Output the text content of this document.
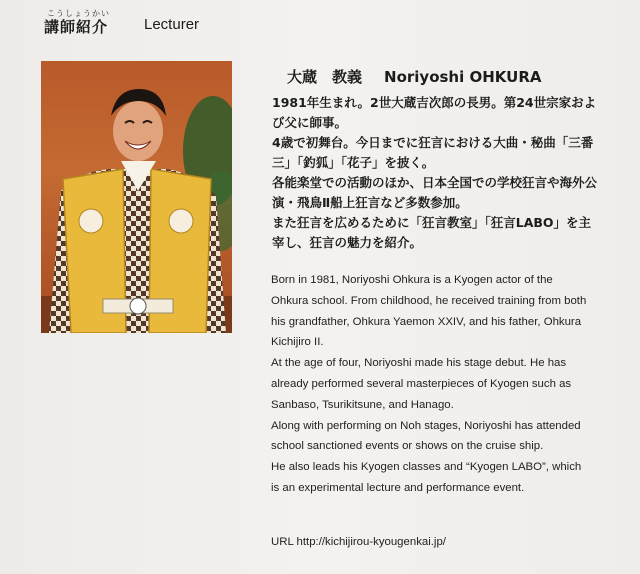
こうしょうかい
講師紹介 Lecturer
大蔵　教義 Noriyoshi OHKURA

1981年生まれ。2世大蔵吉次郎の長男。第24世宗家および父に師事。

4歳で初舞台。今日までに狂言における大曲・秘曲「三番三」「釣狐」「花子」を披く。

各能楽堂での活動のほか、日本全国での学校狂言や海外公演・飛鳥Ⅱ船上狂言など多数参加。

また狂言を広めるために「狂言教室」「狂言LABO」を主宰し、狂言の魅力を紹介。

Born in 1981, Noriyoshi Ohkura is a Kyogen actor of the Ohkura school. From childhood, he received training from both his grandfather, Ohkura Yaemon XXIV, and his father, Ohkura Kichijiro II.

At the age of four, Noriyoshi made his stage debut. He has already performed several masterpieces of Kyogen such as Sanbaso, Tsurikitsune, and Hanago.

Along with performing on Noh stages, Noriyoshi has attended school sanctioned events or shows on the cruise ship.

He also leads his Kyogen classes and “Kyogen LABO”, which is an experimental lecture and performance event.

URL http://kichijirou-kyougenkai.jp/
